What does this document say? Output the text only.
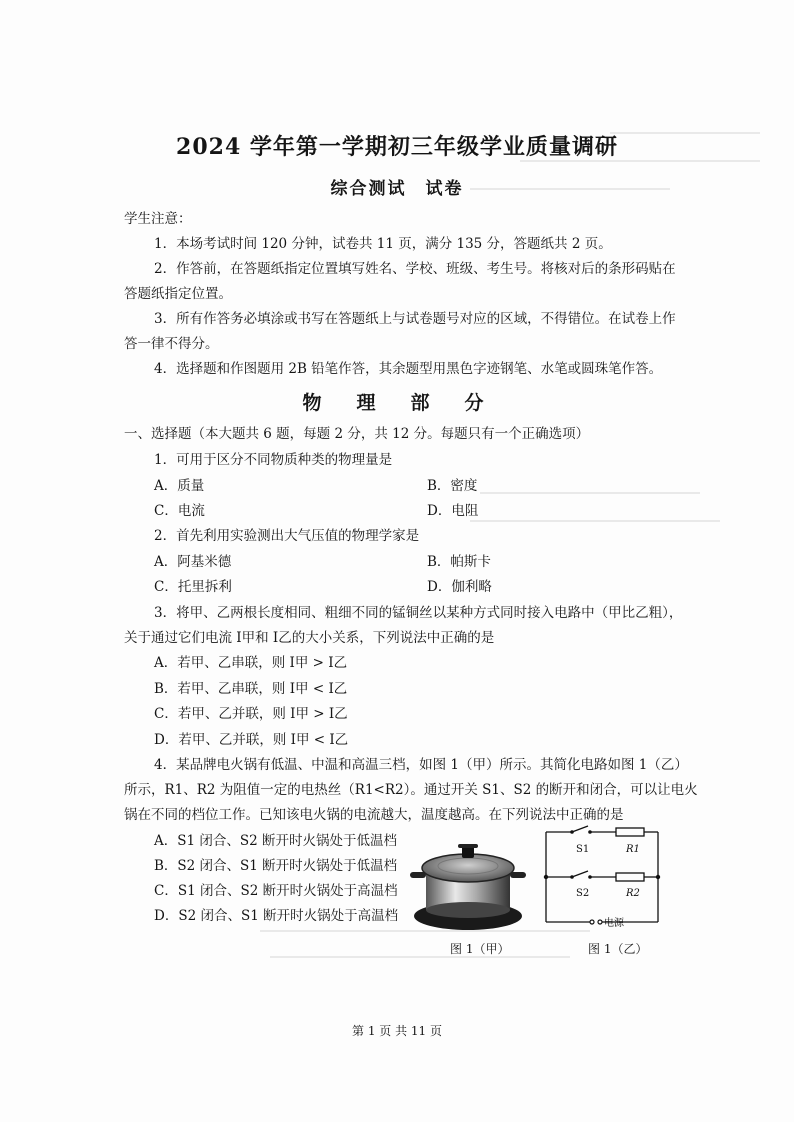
2024 学年第一学期初三年级学业质量调研
综合测试　试卷
学生注意：
1．本场考试时间 120 分钟，试卷共 11 页，满分 135 分，答题纸共 2 页。
2．作答前，在答题纸指定位置填写姓名、学校、班级、考生号。将核对后的条形码贴在
答题纸指定位置。
3．所有作答务必填涂或书写在答题纸上与试卷题号对应的区域，不得错位。在试卷上作
答一律不得分。
4．选择题和作图题用 2B 铅笔作答，其余题型用黑色字迹钢笔、水笔或圆珠笔作答。
物　理　部　分
一、选择题（本大题共 6 题，每题 2 分，共 12 分。每题只有一个正确选项）
1．可用于区分不同物质种类的物理量是
A．质量	B．密度
C．电流	D．电阻
2．首先利用实验测出大气压值的物理学家是
A．阿基米德	B．帕斯卡
C．托里拆利	D．伽利略
3．将甲、乙两根长度相同、粗细不同的锰铜丝以某种方式同时接入电路中（甲比乙粗），
关于通过它们电流 I甲和 I乙的大小关系，下列说法中正确的是
A．若甲、乙串联，则 I甲 > I乙
B．若甲、乙串联，则 I甲 < I乙
C．若甲、乙并联，则 I甲 > I乙
D．若甲、乙并联，则 I甲 < I乙
4．某品牌电火锅有低温、中温和高温三档，如图 1（甲）所示。其简化电路如图 1（乙）
所示，R1、R2 为阻值一定的电热丝（R1<R2）。通过开关 S1、S2 的断开和闭合，可以让电火
锅在不同的档位工作。已知该电火锅的电流越大，温度越高。在下列说法中正确的是
A．S1 闭合、S2 断开时火锅处于低温档
B．S2 闭合、S1 断开时火锅处于低温档
C．S1 闭合、S2 断开时火锅处于高温档
D．S2 闭合、S1 断开时火锅处于高温档
图 1（甲）
S1	R1
S2	R2
电源
图 1（乙）
第 1 页 共 11 页
